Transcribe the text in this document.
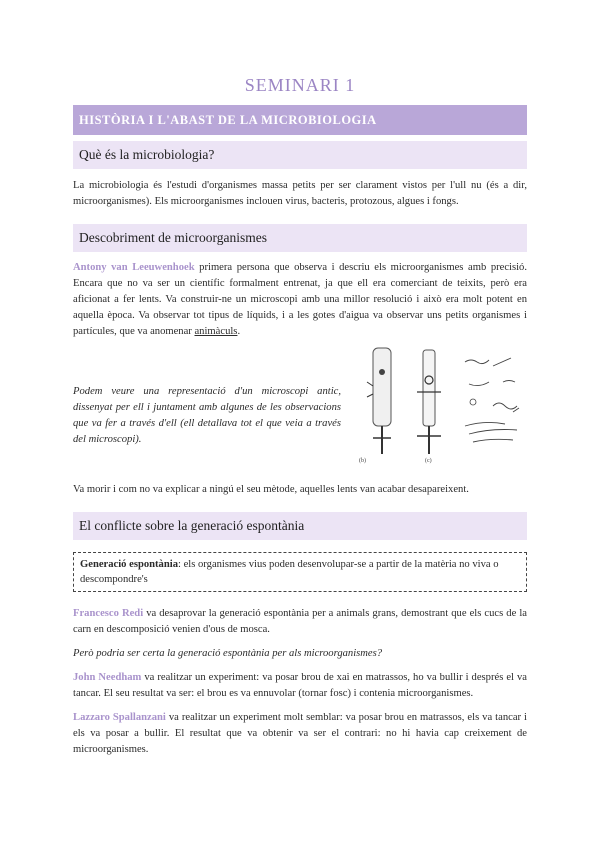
SEMINARI 1
HISTÒRIA I L'ABAST DE LA MICROBIOLOGIA
Què és la microbiologia?

La microbiologia és l'estudi d'organismes massa petits per ser clarament vistos per l'ull nu (és a dir, microorganismes). Els microorganismes inclouen virus, bacteris, protozous, algues i fongs.

Descobriment de microorganismes

Antony van Leeuwenhoek primera persona que observa i descriu els microorganismes amb precisió. Encara que no va ser un científic formalment entrenat, ja que ell era comerciant de teixits, però era aficionat a fer lents. Va construir-ne un microscopi amb una millor resolució i això era molt potent en aquella època. Va observar tot tipus de líquids, i a les gotes d'aigua va observar uns petits organismes i partícules, que va anomenar animàculs.

Podem veure una representació d'un microscopi antic, dissenyat per ell i juntament amb algunes de les observacions que va fer a través d'ell (ell detallava tot el que veia a través del microscopi).
(b)	(c)

Va morir i com no va explicar a ningú el seu mètode, aquelles lents van acabar desapareixent.

El conflicte sobre la generació espontània
Generació espontània: els organismes vius poden desenvolupar-se a partir de la matèria no viva o descompondre's

Francesco Redi va desaprovar la generació espontània per a animals grans, demostrant que els cucs de la carn en descomposició venien d'ous de mosca.

Però podria ser certa la generació espontània per als microorganismes?

John Needham va realitzar un experiment: va posar brou de xai en matrassos, ho va bullir i després el va tancar. El seu resultat va ser: el brou es va ennuvolar (tornar fosc) i contenia microorganismes.

Lazzaro Spallanzani va realitzar un experiment molt semblar: va posar brou en matrassos, els va tancar i els va posar a bullir. El resultat que va obtenir va ser el contrari: no hi havia cap creixement de microorganismes.
